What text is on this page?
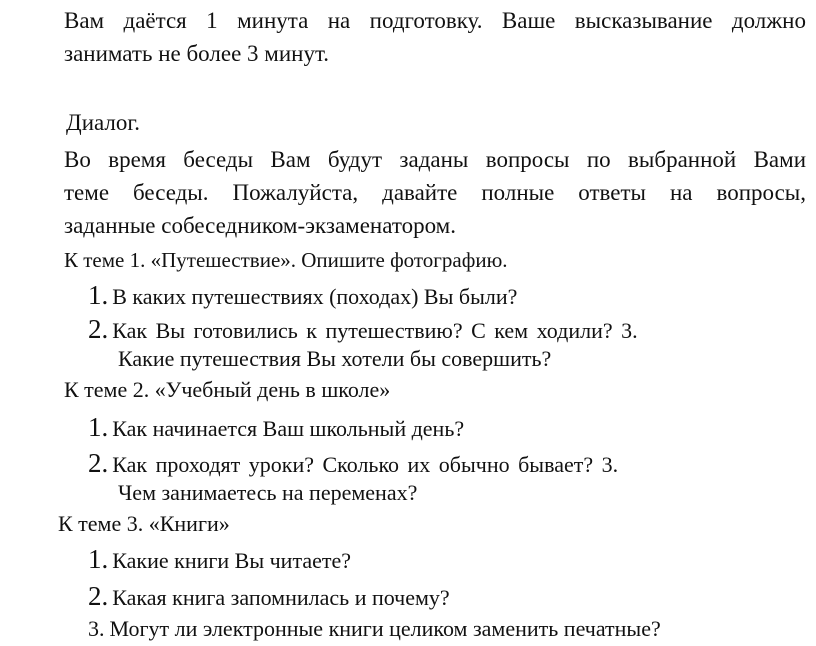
Вам даётся 1 минута на подготовку. Ваше высказывание должно
занимать не более 3 минут.
Диалог.
Во время беседы Вам будут заданы вопросы по выбранной Вами
теме беседы. Пожалуйста, давайте полные ответы на вопросы,
заданные собеседником-экзаменатором.
К теме 1. «Путешествие». Опишите фотографию.
1. В каких путешествиях (походах) Вы были?
2. Как Вы готовились к путешествию? С кем ходили? 3.
Какие путешествия Вы хотели бы совершить?
К теме 2. «Учебный день в школе»
1. Как начинается Ваш школьный день?
2. Как проходят уроки? Сколько их обычно бывает? 3.
Чем занимаетесь на переменах?
К теме 3. «Книги»
1. Какие книги Вы читаете?
2. Какая книга запомнилась и почему?
3. Могут ли электронные книги целиком заменить печатные?
